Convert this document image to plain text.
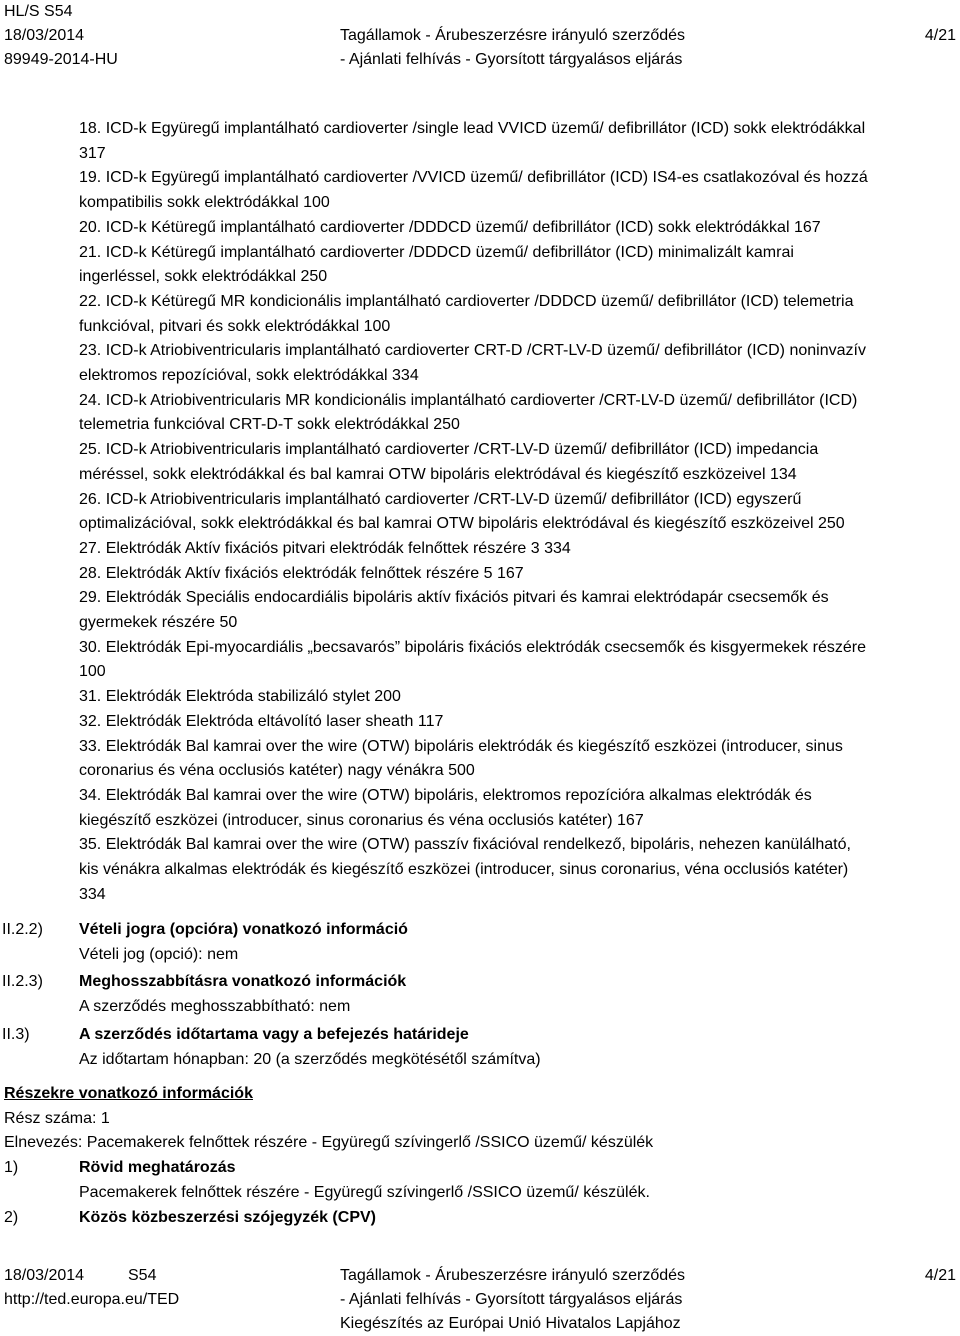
HL/S S54
18/03/2014
89949-2014-HU
Tagállamok - Árubeszerzésre irányuló szerződés
- Ajánlati felhívás - Gyorsított tárgyalásos eljárás
4/21
18. ICD-k Együregű implantálható cardioverter /single lead VVICD üzemű/ defibrillátor (ICD) sokk elektródákkal
317
19. ICD-k Együregű implantálható cardioverter /VVICD üzemű/ defibrillátor (ICD) IS4-es csatlakozóval és hozzá
kompatibilis sokk elektródákkal 100
20. ICD-k Kétüregű implantálható cardioverter /DDDCD üzemű/ defibrillátor (ICD) sokk elektródákkal 167
21. ICD-k Kétüregű implantálható cardioverter /DDDCD üzemű/ defibrillátor (ICD) minimalizált kamrai
ingerléssel, sokk elektródákkal 250
22. ICD-k Kétüregű MR kondicionális implantálható cardioverter /DDDCD üzemű/ defibrillátor (ICD) telemetria
funkcióval, pitvari és sokk elektródákkal 100
23. ICD-k Atriobiventricularis implantálható cardioverter CRT-D /CRT-LV-D üzemű/ defibrillátor (ICD) noninvazív
elektromos repozícióval, sokk elektródákkal 334
24. ICD-k Atriobiventricularis MR kondicionális implantálható cardioverter /CRT-LV-D üzemű/ defibrillátor (ICD)
telemetria funkcióval CRT-D-T sokk elektródákkal 250
25. ICD-k Atriobiventricularis implantálható cardioverter /CRT-LV-D üzemű/ defibrillátor (ICD) impedancia
méréssel, sokk elektródákkal és bal kamrai OTW bipoláris elektródával és kiegészítő eszközeivel 134
26. ICD-k Atriobiventricularis implantálható cardioverter /CRT-LV-D üzemű/ defibrillátor (ICD) egyszerű
optimalizációval, sokk elektródákkal és bal kamrai OTW bipoláris elektródával és kiegészítő eszközeivel 250
27. Elektródák Aktív fixációs pitvari elektródák felnőttek részére 3 334
28. Elektródák Aktív fixációs elektródák felnőttek részére 5 167
29. Elektródák Speciális endocardiális bipoláris aktív fixációs pitvari és kamrai elektródapár csecsemők és
gyermekek részére 50
30. Elektródák Epi-myocardiális „becsavarós” bipoláris fixációs elektródák csecsemők és kisgyermekek részére
100
31. Elektródák Elektróda stabilizáló stylet 200
32. Elektródák Elektróda eltávolító laser sheath 117
33. Elektródák Bal kamrai over the wire (OTW) bipoláris elektródák és kiegészítő eszközei (introducer, sinus
coronarius és véna occlusiós katéter) nagy vénákra 500
34. Elektródák Bal kamrai over the wire (OTW) bipoláris, elektromos repozícióra alkalmas elektródák és
kiegészítő eszközei (introducer, sinus coronarius és véna occlusiós katéter) 167
35. Elektródák Bal kamrai over the wire (OTW) passzív fixációval rendelkező, bipoláris, nehezen kanülálható,
kis vénákra alkalmas elektródák és kiegészítő eszközei (introducer, sinus coronarius, véna occlusiós katéter)
334
II.2.2) Vételi jogra (opcióra) vonatkozó információ
Vételi jog (opció): nem
II.2.3) Meghosszabbításra vonatkozó információk
A szerződés meghosszabbítható: nem
II.3)	A szerződés időtartama vagy a befejezés határideje
Az időtartam hónapban: 20 (a szerződés megkötésétől számítva)
Részekre vonatkozó információk
Rész száma: 1
Elnevezés: Pacemakerek felnőttek részére - Együregű szívingerlő /SSICO üzemű/ készülék
1)	Rövid meghatározás
Pacemakerek felnőttek részére - Együregű szívingerlő /SSICO üzemű/ készülék.
2)	Közös közbeszerzési szójegyzék (CPV)
18/03/2014
http://ted.europa.eu/TED
S54	Tagállamok - Árubeszerzésre irányuló szerződés
- Ajánlati felhívás - Gyorsított tárgyalásos eljárás
Kiegészítés az Európai Unió Hivatalos Lapjához
4/21
